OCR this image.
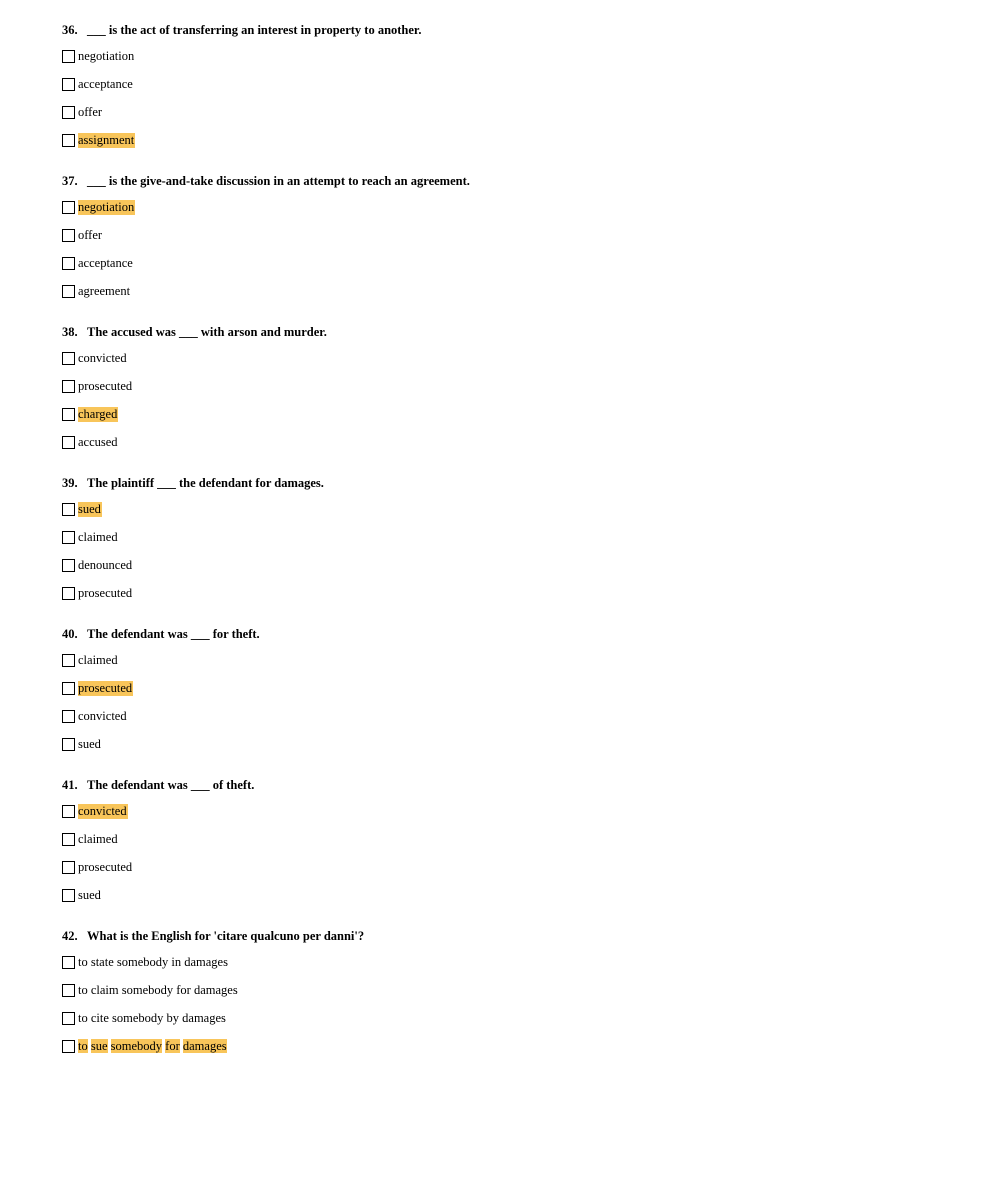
36. ___ is the act of transferring an interest in property to another.
negotiation
acceptance
offer
assignment
37. ___ is the give-and-take discussion in an attempt to reach an agreement.
negotiation
offer
acceptance
agreement
38. The accused was ___ with arson and murder.
convicted
prosecuted
charged
accused
39. The plaintiff ___ the defendant for damages.
sued
claimed
denounced
prosecuted
40. The defendant was ___ for theft.
claimed
prosecuted
convicted
sued
41. The defendant was ___ of theft.
convicted
claimed
prosecuted
sued
42. What is the English for 'citare qualcuno per danni'?
to state somebody in damages
to claim somebody for damages
to cite somebody by damages
to sue somebody for damages
